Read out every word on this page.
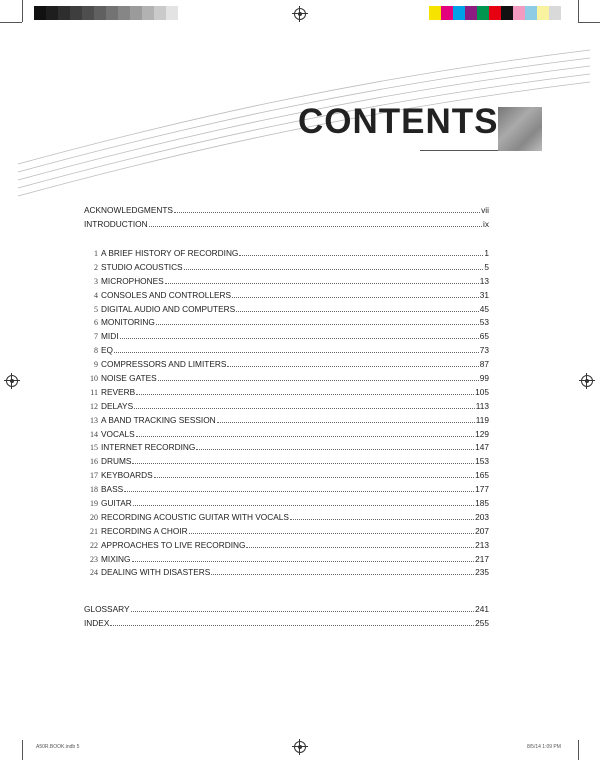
CONTENTS
ACKNOWLEDGMENTS	vii
INTRODUCTION	ix
1 A BRIEF HISTORY OF RECORDING	1
2 STUDIO ACOUSTICS	5
3 MICROPHONES	13
4 CONSOLES AND CONTROLLERS	31
5 DIGITAL AUDIO AND COMPUTERS	45
6 MONITORING	53
7 MIDI	65
8 EQ	73
9 COMPRESSORS AND LIMITERS	87
10 NOISE GATES	99
11 REVERB	105
12 DELAYS	113
13 A BAND TRACKING SESSION	119
14 VOCALS	129
15 INTERNET RECORDING	147
16 DRUMS	153
17 KEYBOARDS	165
18 BASS	177
19 GUITAR	185
20 RECORDING ACOUSTIC GUITAR WITH VOCALS	203
21 RECORDING A CHOIR	207
22 APPROACHES TO LIVE RECORDING	213
23 MIXING	217
24 DEALING WITH DISASTERS	235
GLOSSARY	241
INDEX	255
A50R.BOOK.indb 5	8/5/14 1:09 PM
